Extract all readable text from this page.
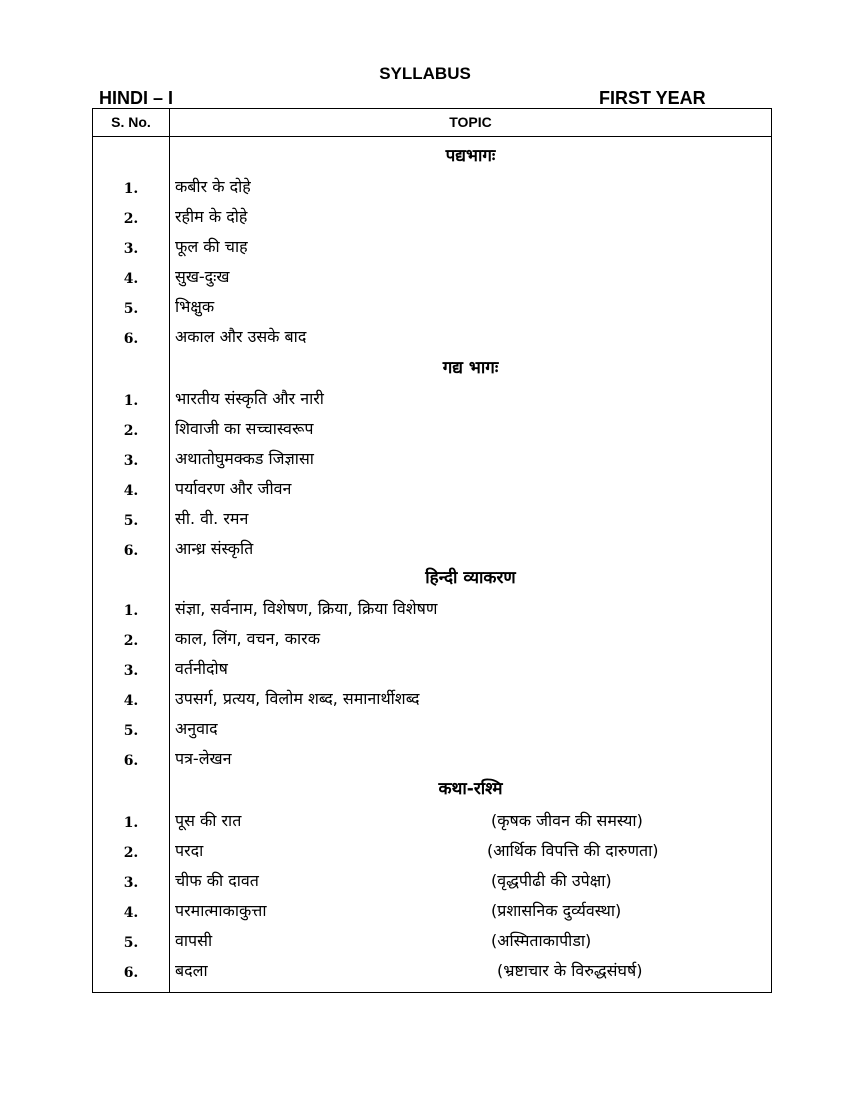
SYLLABUS
HINDI – I	FIRST YEAR
S. No.	TOPIC
पद्यभागः
1.	कबीर के दोहे
2.	रहीम के दोहे
3.	फूल की चाह
4.	सुख-दुःख
5.	भिक्षुक
6.	अकाल और उसके बाद
गद्य भागः
1.	भारतीय संस्कृति और नारी
2.	शिवाजी का सच्चास्वरूप
3.	अथातोघुमक्कड जिज्ञासा
4.	पर्यावरण और जीवन
5.	सी. वी. रमन
6.	आन्ध्र संस्कृति
हिन्दी व्याकरण
1.	संज्ञा, सर्वनाम, विशेषण, क्रिया, क्रिया विशेषण
2.	काल, लिंग, वचन, कारक
3.	वर्तनीदोष
4.	उपसर्ग, प्रत्यय, विलोम शब्द, समानार्थीशब्द
5.	अनुवाद
6.	पत्र-लेखन
कथा-रश्मि
1.	पूस की रात	(कृषक जीवन की समस्या)
2.	परदा	(आर्थिक विपत्ति की दारुणता)
3.	चीफ की दावत	(वृद्धपीढी की उपेक्षा)
4.	परमात्माकाकुत्ता	(प्रशासनिक दुर्व्यवस्था)
5.	वापसी	(अस्मिताकापीडा)
6.	बदला	(भ्रष्टाचार के विरुद्धसंघर्ष)
